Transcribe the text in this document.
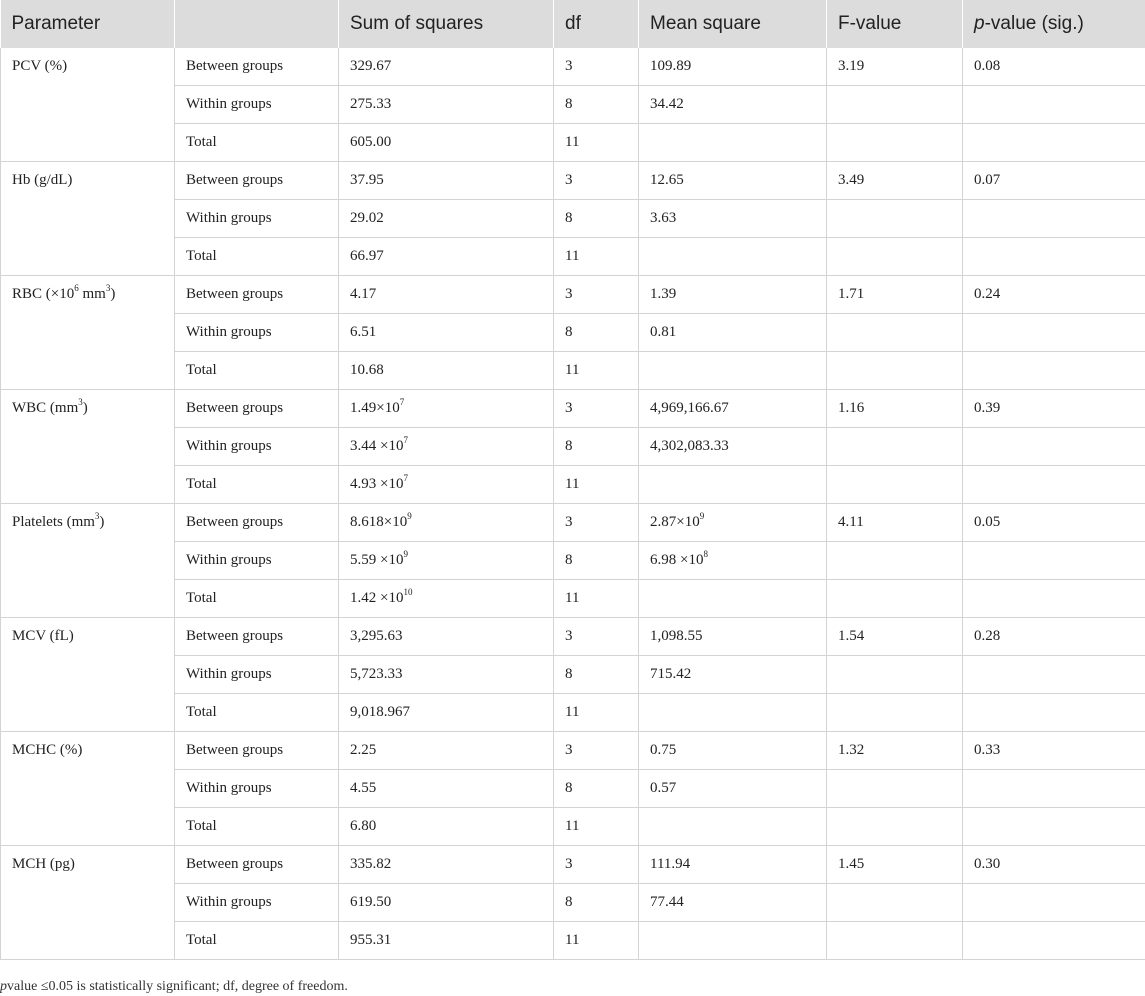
Parameter		Sum of squares	df	Mean square	F-value	p-value (sig.)
PCV (%)	Between groups	329.67	3	109.89	3.19	0.08
	Within groups	275.33	8	34.42		
	Total	605.00	11			
Hb (g/dL)	Between groups	37.95	3	12.65	3.49	0.07
	Within groups	29.02	8	3.63		
	Total	66.97	11			
RBC ($\times 10^6$ $mm^3$)	Between groups	4.17	3	1.39	1.71	0.24
	Within groups	6.51	8	0.81		
	Total	10.68	11			
WBC $(mm^3)$	Between groups	$1.49\times 10^7$	3	4,969,166.67	1.16	0.39
	Within groups	$3.44 \times 10^7$	8	4,302,083.33		
	Total	$4.93 \times 10^7$	11			
Platelets $(mm^3)$	Between groups	$8.618\times 10^9$	3	$2.87\times 10^9$	4.11	0.05
	Within groups	$5.59 \times 10^9$	8	$6.98 \times 10^8$		
	Total	$1.42 \times 10^{10}$	11			
MCV (fL)	Between groups	3,295.63	3	1,098.55	1.54	0.28
	Within groups	5,723.33	8	715.42		
	Total	9,018.967	11			
MCHC (%)	Between groups	2.25	3	0.75	1.32	0.33
	Within groups	4.55	8	0.57		
	Total	6.80	11			
MCH (pg)	Between groups	335.82	3	111.94	1.45	0.30
	Within groups	619.50	8	77.44		
	Total	955.31	11			
pvalue ≤0.05 is statistically significant; df, degree of freedom.
